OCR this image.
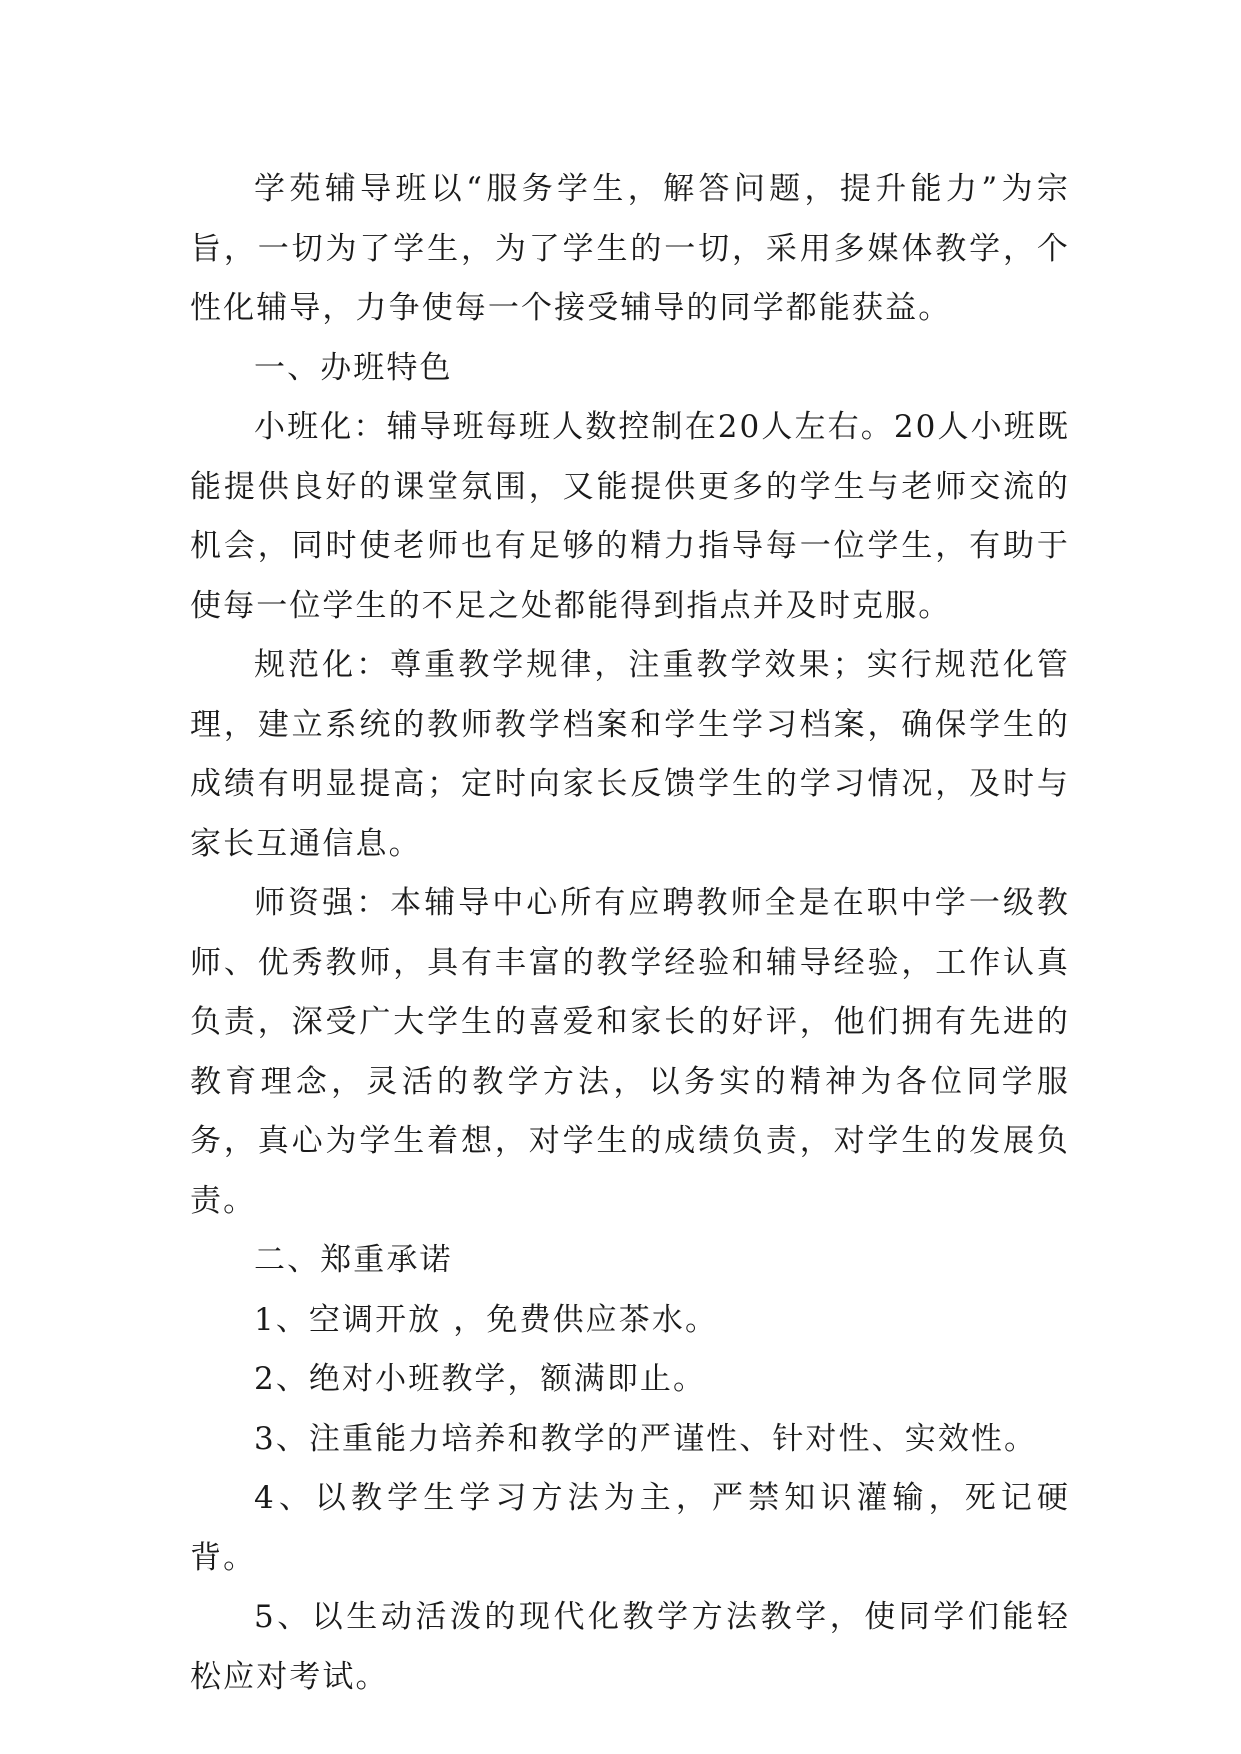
学苑辅导班以“服务学生，解答问题，提升能力”为宗旨，一切为了学生，为了学生的一切，采用多媒体教学，个性化辅导，力争使每一个接受辅导的同学都能获益。

一、办班特色

小班化：辅导班每班人数控制在20人左右。20人小班既能提供良好的课堂氛围，又能提供更多的学生与老师交流的机会，同时使老师也有足够的精力指导每一位学生，有助于使每一位学生的不足之处都能得到指点并及时克服。

规范化：尊重教学规律，注重教学效果；实行规范化管理，建立系统的教师教学档案和学生学习档案，确保学生的成绩有明显提高；定时向家长反馈学生的学习情况，及时与家长互通信息。

师资强：本辅导中心所有应聘教师全是在职中学一级教师、优秀教师，具有丰富的教学经验和辅导经验，工作认真负责，深受广大学生的喜爱和家长的好评，他们拥有先进的教育理念，灵活的教学方法，以务实的精神为各位同学服务，真心为学生着想，对学生的成绩负责，对学生的发展负责。

二、郑重承诺

1、空调开放 ，免费供应茶水。

2、绝对小班教学，额满即止。

3、注重能力培养和教学的严谨性、针对性、实效性。

4、以教学生学习方法为主，严禁知识灌输，死记硬背。

5、以生动活泼的现代化教学方法教学，使同学们能轻松应对考试。
